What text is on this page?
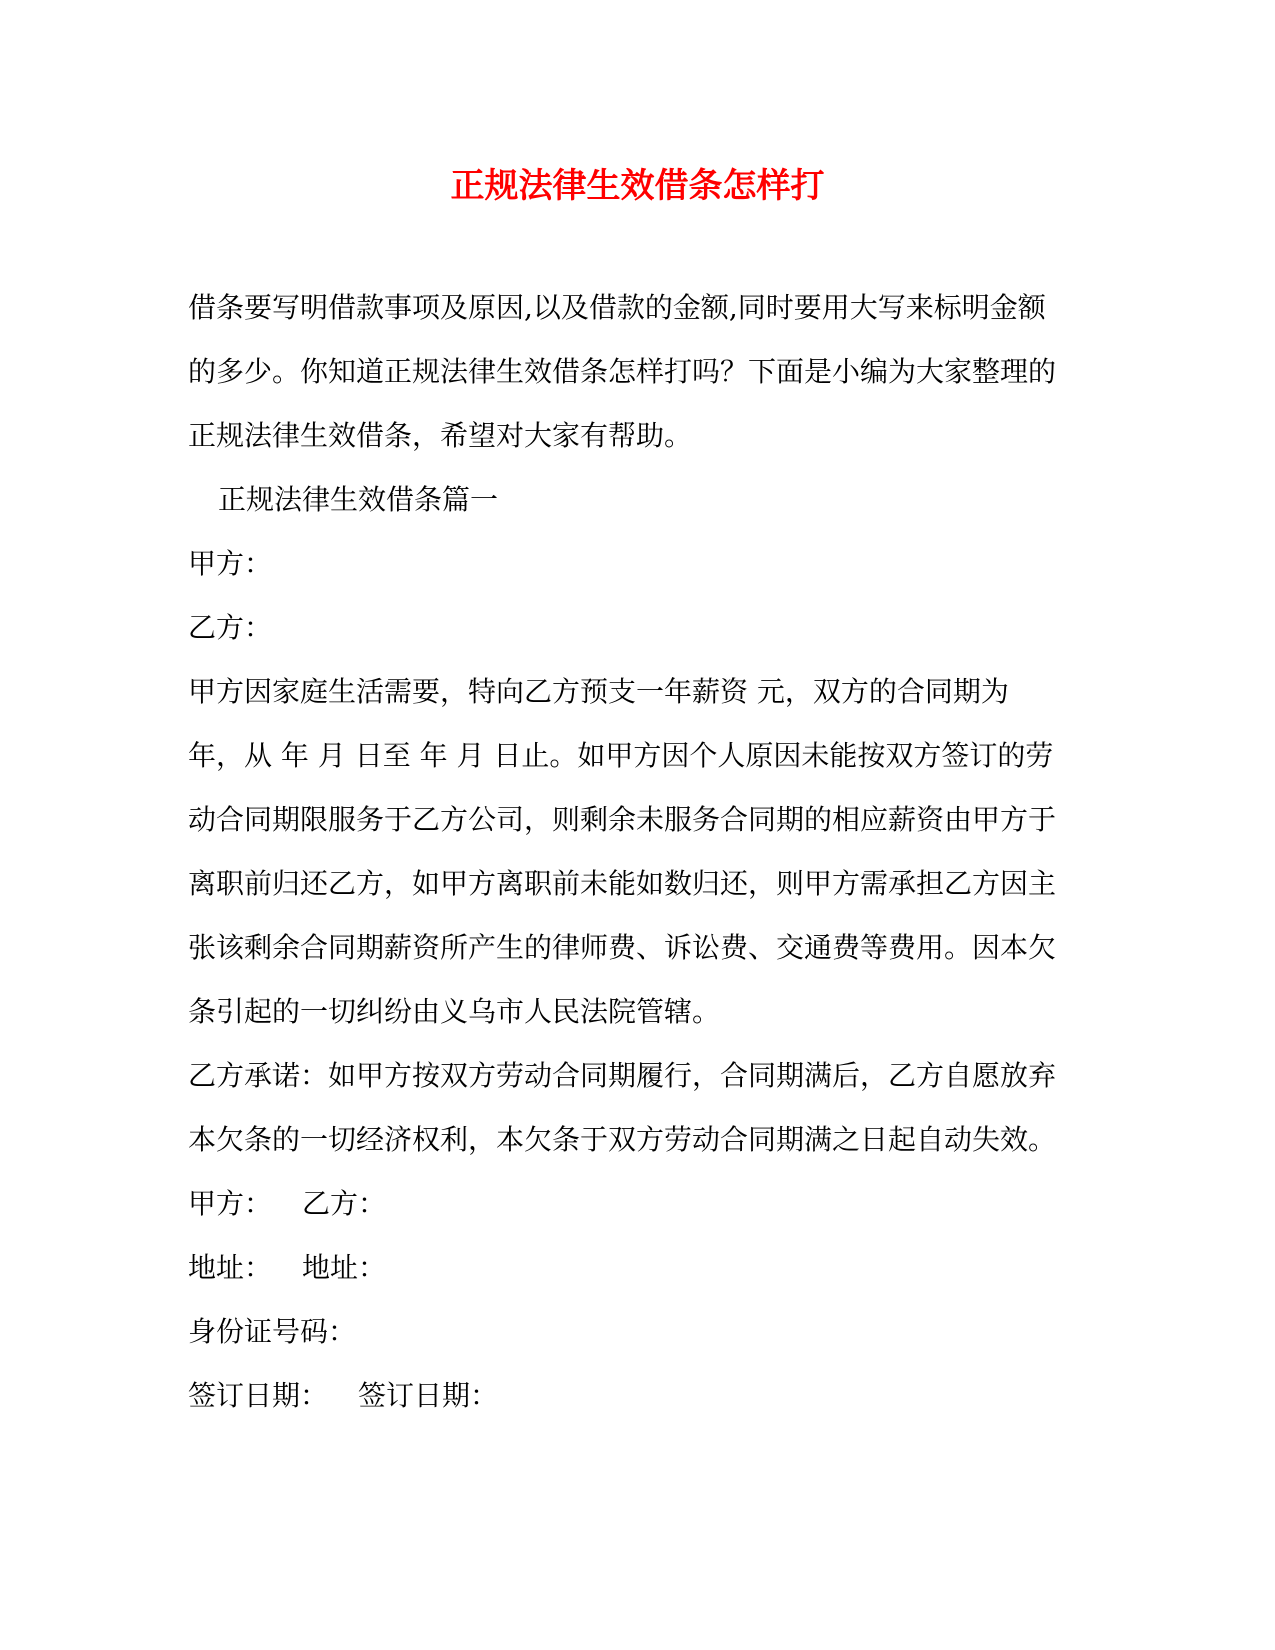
正规法律生效借条怎样打

借条要写明借款事项及原因,以及借款的金额,同时要用大写来标明金额的多少。你知道正规法律生效借条怎样打吗？下面是小编为大家整理的正规法律生效借条，希望对大家有帮助。

正规法律生效借条篇一

甲方：

乙方：

甲方因家庭生活需要，特向乙方预支一年薪资 元，双方的合同期为 年，从 年 月 日至 年 月 日止。如甲方因个人原因未能按双方签订的劳动合同期限服务于乙方公司，则剩余未服务合同期的相应薪资由甲方于离职前归还乙方，如甲方离职前未能如数归还，则甲方需承担乙方因主张该剩余合同期薪资所产生的律师费、诉讼费、交通费等费用。因本欠条引起的一切纠纷由义乌市人民法院管辖。

乙方承诺：如甲方按双方劳动合同期履行，合同期满后，乙方自愿放弃本欠条的一切经济权利，本欠条于双方劳动合同期满之日起自动失效。

甲方： 乙方：

地址： 地址：

身份证号码：

签订日期： 签订日期：
